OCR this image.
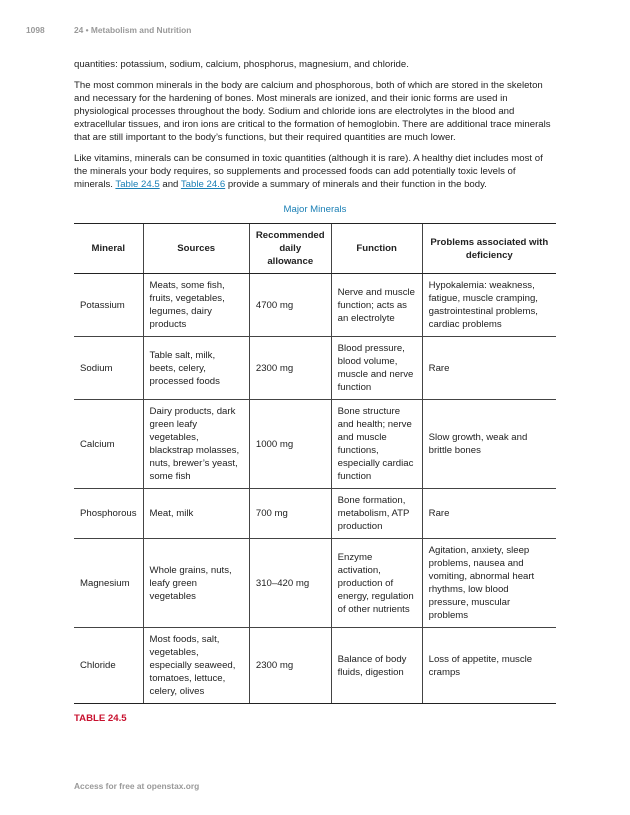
1098	24 • Metabolism and Nutrition

quantities: potassium, sodium, calcium, phosphorus, magnesium, and chloride.

The most common minerals in the body are calcium and phosphorous, both of which are stored in the skeleton and necessary for the hardening of bones. Most minerals are ionized, and their ionic forms are used in physiological processes throughout the body. Sodium and chloride ions are electrolytes in the blood and extracellular tissues, and iron ions are critical to the formation of hemoglobin. There are additional trace minerals that are still important to the body’s functions, but their required quantities are much lower.

Like vitamins, minerals can be consumed in toxic quantities (although it is rare). A healthy diet includes most of the minerals your body requires, so supplements and processed foods can add potentially toxic levels of minerals. Table 24.5 and Table 24.6 provide a summary of minerals and their function in the body.

Major Minerals
Mineral	Sources	Recommended daily allowance	Function	Problems associated with deficiency
Potassium	Meats, some fish, fruits, vegetables, legumes, dairy products	4700 mg	Nerve and muscle function; acts as an electrolyte	Hypokalemia: weakness, fatigue, muscle cramping, gastrointestinal problems, cardiac problems
Sodium	Table salt, milk, beets, celery, processed foods	2300 mg	Blood pressure, blood volume, muscle and nerve function	Rare
Calcium	Dairy products, dark green leafy vegetables, blackstrap molasses, nuts, brewer’s yeast, some fish	1000 mg	Bone structure and health; nerve and muscle functions, especially cardiac function	Slow growth, weak and brittle bones
Phosphorous	Meat, milk	700 mg	Bone formation, metabolism, ATP production	Rare
Magnesium	Whole grains, nuts, leafy green vegetables	310–420 mg	Enzyme activation, production of energy, regulation of other nutrients	Agitation, anxiety, sleep problems, nausea and vomiting, abnormal heart rhythms, low blood pressure, muscular problems
Chloride	Most foods, salt, vegetables, especially seaweed, tomatoes, lettuce, celery, olives	2300 mg	Balance of body fluids, digestion	Loss of appetite, muscle cramps
TABLE 24.5
Access for free at openstax.org
